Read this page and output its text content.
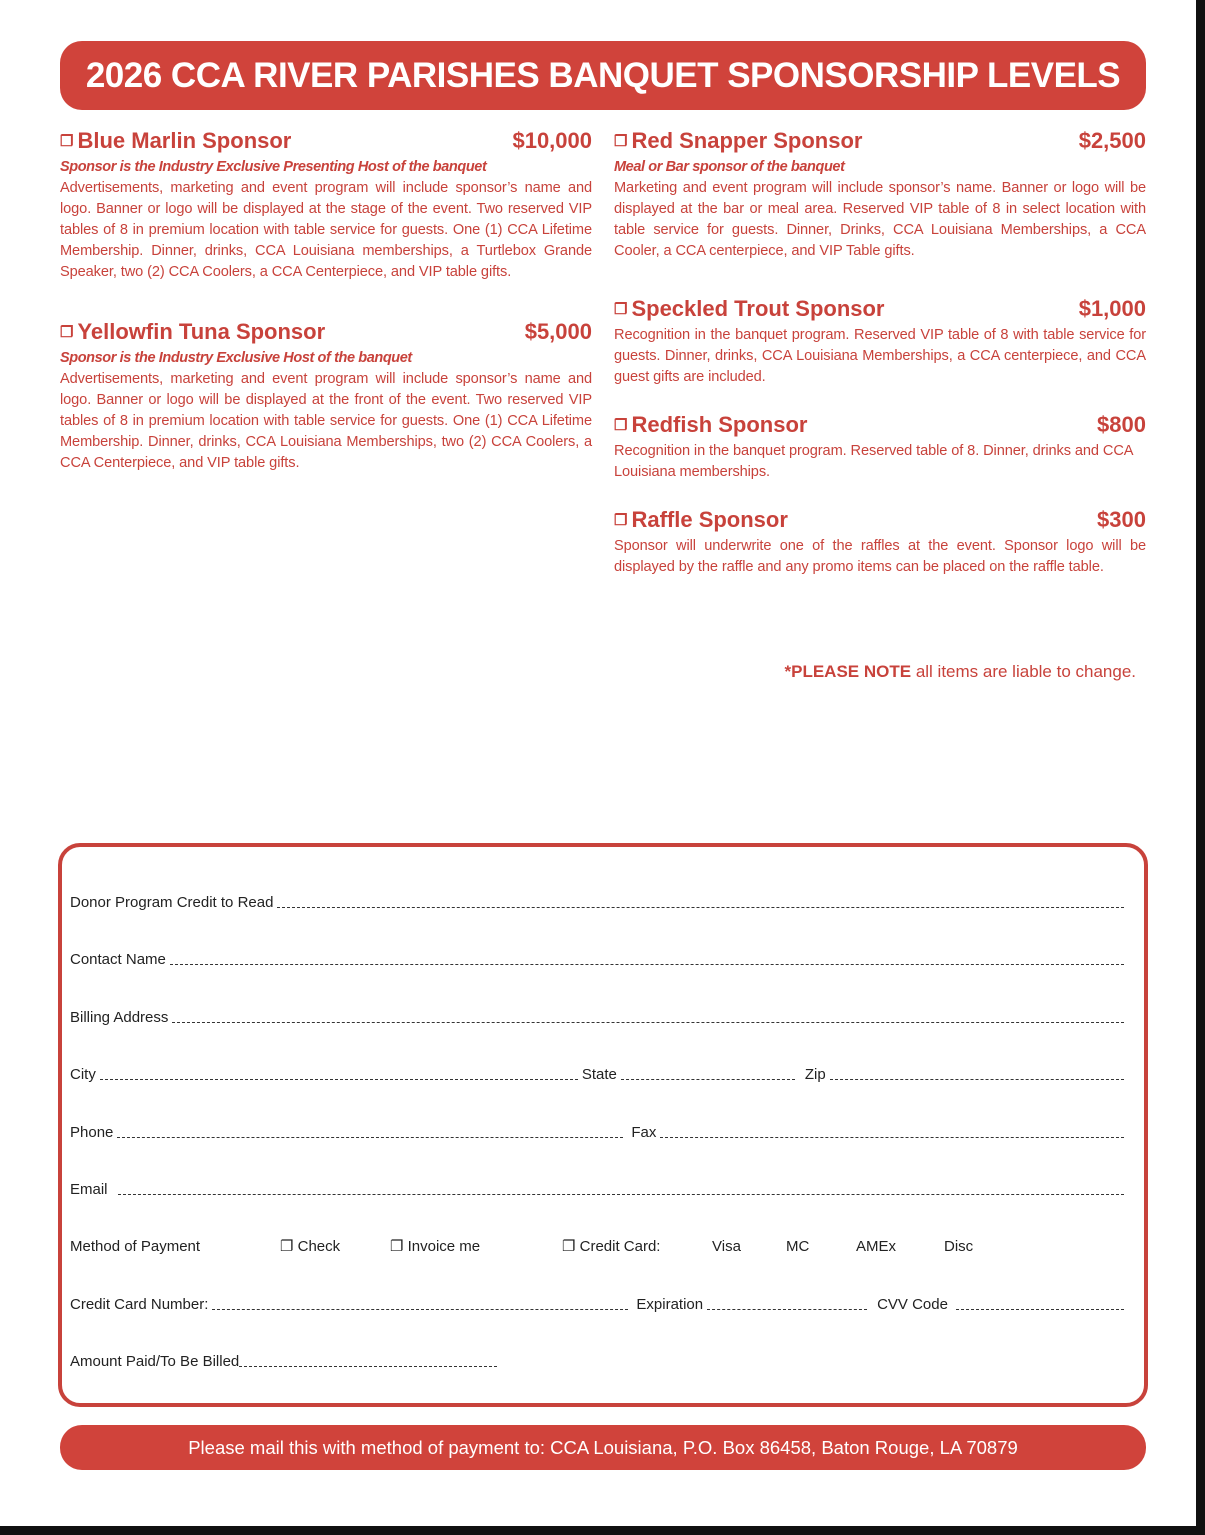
2026 CCA RIVER PARISHES BANQUET SPONSORSHIP LEVELS
❐ Blue Marlin Sponsor	$10,000
Sponsor is the Industry Exclusive Presenting Host of the banquet
Advertisements, marketing and event program will include sponsor’s name and logo. Banner or logo will be displayed at the stage of the event. Two reserved VIP tables of 8 in premium location with table service for guests. One (1) CCA Lifetime Membership. Dinner, drinks, CCA Louisiana memberships, a Turtlebox Grande Speaker, two (2) CCA Coolers, a CCA Centerpiece, and VIP table gifts.
❐ Yellowfin Tuna Sponsor	$5,000
Sponsor is the Industry Exclusive Host of the banquet
Advertisements, marketing and event program will include sponsor’s name and logo. Banner or logo will be displayed at the front of the event. Two reserved VIP tables of 8 in premium location with table service for guests. One (1) CCA Lifetime Membership. Dinner, drinks, CCA Louisiana Memberships, two (2) CCA Coolers, a CCA Centerpiece, and VIP table gifts.
❐ Red Snapper Sponsor	$2,500
Meal or Bar sponsor of the banquet
Marketing and event program will include sponsor’s name. Banner or logo will be displayed at the bar or meal area. Reserved VIP table of 8 in select location with table service for guests. Dinner, Drinks, CCA Louisiana Memberships, a CCA Cooler, a CCA centerpiece, and VIP Table gifts.
❐ Speckled Trout Sponsor	$1,000
Recognition in the banquet program. Reserved VIP table of 8 with table service for guests. Dinner, drinks, CCA Louisiana Memberships, a CCA centerpiece, and CCA guest gifts are included.
❐ Redfish Sponsor	$800
Recognition in the banquet program. Reserved table of 8. Dinner, drinks and CCA Louisiana memberships.
❐ Raffle Sponsor	$300
Sponsor will underwrite one of the raffles at the event. Sponsor logo will be displayed by the raffle and any promo items can be placed on the raffle table.
*PLEASE NOTE all items are liable to change.
Donor Program Credit to Read
Contact Name
Billing Address
City	State	Zip
Phone	Fax
Email
Method of Payment	❐ Check	❐ Invoice me	❐ Credit Card:	Visa	MC	AMEx	Disc
Credit Card Number:	Expiration	CVV Code
Amount Paid/To Be Billed
Please mail this with method of payment to: CCA Louisiana, P.O. Box 86458, Baton Rouge, LA 70879
